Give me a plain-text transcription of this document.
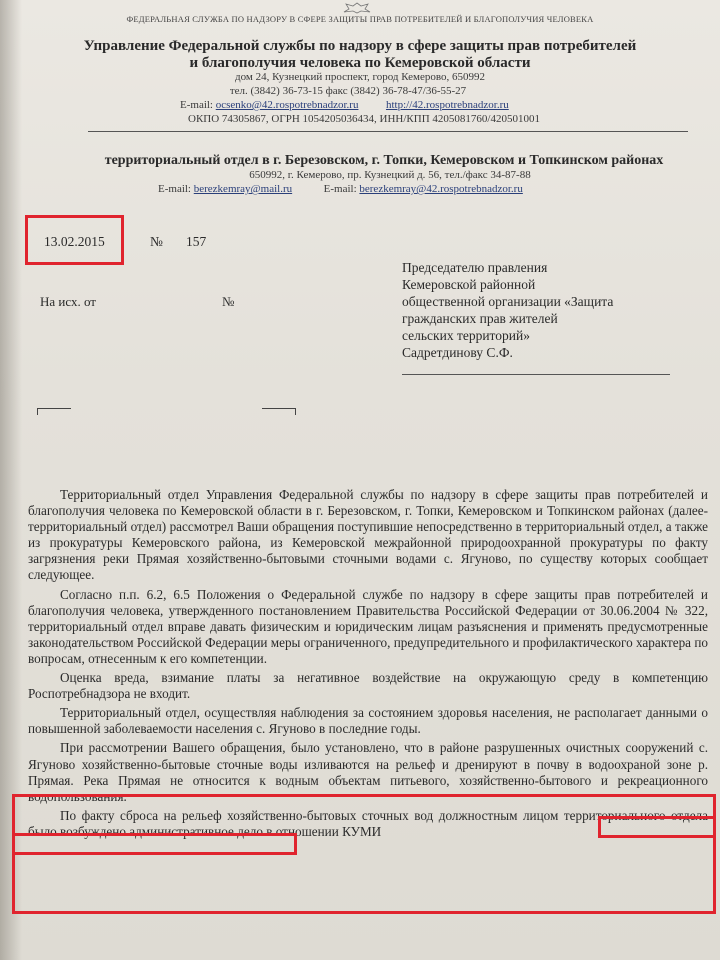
ФЕДЕРАЛЬНАЯ СЛУЖБА ПО НАДЗОРУ В СФЕРЕ ЗАЩИТЫ ПРАВ ПОТРЕБИТЕЛЕЙ И БЛАГОПОЛУЧИЯ ЧЕЛОВЕКА
Управление Федеральной службы по надзору в сфере защиты прав потребителей
и благополучия человека по Кемеровской области
дом 24, Кузнецкий проспект, город Кемерово, 650992
тел. (3842) 36-73-15 факс (3842) 36-78-47/36-55-27
E-mail: ocsenko@42.rospotrebnadzor.ru	http://42.rospotrebnadzor.ru
ОКПО 74305867, ОГРН 1054205036434, ИНН/КПП 4205081760/420501001
территориальный отдел в г. Березовском, г. Топки, Кемеровском и Топкинском районах
650992, г. Кемерово, пр. Кузнецкий д. 56, тел./факс 34-87-88
E-mail: berezkemray@mail.ru	E-mail: berezkemray@42.rospotrebnadzor.ru
13.02.2015	№ 157
На исх. от	№
Председателю правления
Кемеровской районной
общественной организации «Защита
гражданских прав жителей
сельских территорий»
Садретдинову С.Ф.

Территориальный отдел Управления Федеральной службы по надзору в сфере защиты прав потребителей и благополучия человека по Кемеровской области в г. Березовском, г. Топки, Кемеровском и Топкинском районах (далее-территориальный отдел) рассмотрел Ваши обращения поступившие непосредственно в территориальный отдел, а также из прокуратуры Кемеровского района, из Кемеровской межрайонной природоохранной прокуратуры по факту загрязнения реки Прямая хозяйственно-бытовыми сточными водами с. Ягуново, по существу которых сообщает следующее.

Согласно п.п. 6.2, 6.5 Положения о Федеральной службе по надзору в сфере защиты прав потребителей и благополучия человека, утвержденного постановлением Правительства Российской Федерации от 30.06.2004 № 322, территориальный отдел вправе давать физическим и юридическим лицам разъяснения и применять предусмотренные законодательством Российской Федерации меры ограниченного, предупредительного и профилактического характера по вопросам, отнесенным к его компетенции.

Оценка вреда, взимание платы за негативное воздействие на окружающую среду в компетенцию Роспотребнадзора не входит.

Территориальный отдел, осуществляя наблюдения за состоянием здоровья населения, не располагает данными о повышенной заболеваемости населения с. Ягуново в последние годы.

При рассмотрении Вашего обращения, было установлено, что в районе разрушенных очистных сооружений с. Ягуново хозяйственно-бытовые сточные воды изливаются на рельеф и дренируют в почву в водоохраной зоне р. Прямая. Река Прямая не относится к водным объектам питьевого, хозяйственно-бытового и рекреационного водопользования.

По факту сброса на рельеф хозяйственно-бытовых сточных вод должностным лицом территориального отдела было возбуждено административное дело в отношении КУМИ
